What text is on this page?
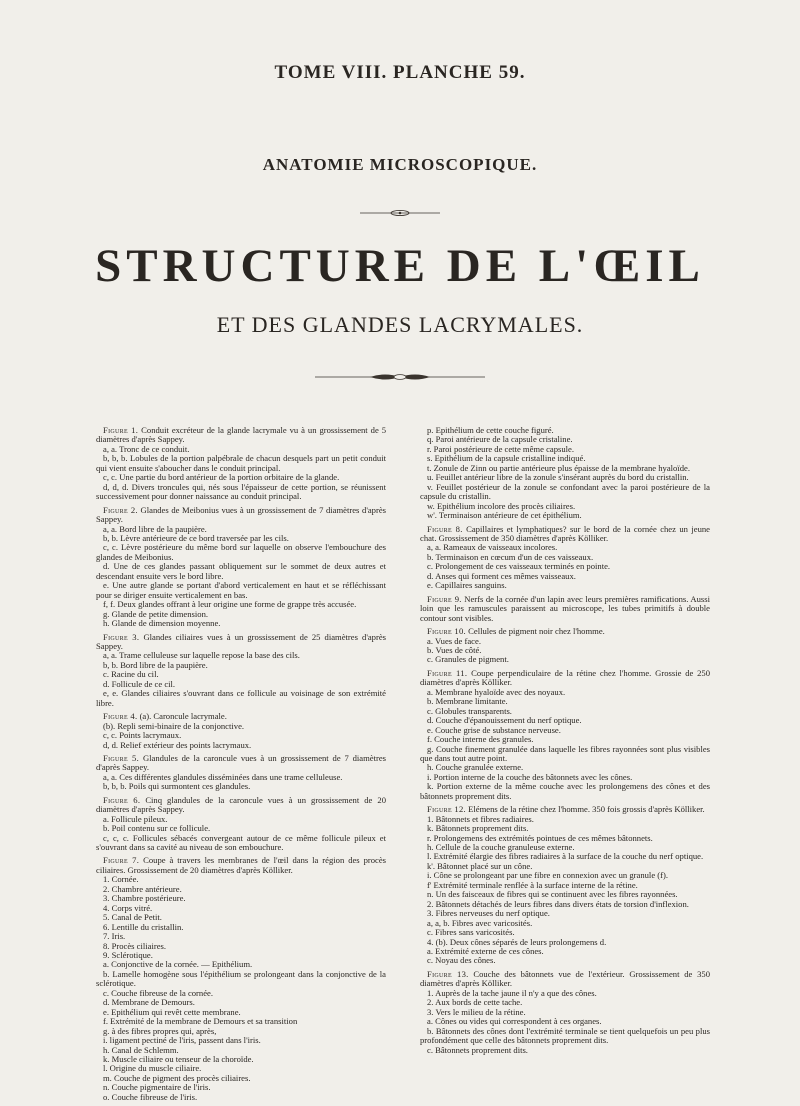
TOME VIII. PLANCHE 59.
ANATOMIE MICROSCOPIQUE.
STRUCTURE DE L'ŒIL
ET DES GLANDES LACRYMALES.
Figure 1. Conduit excréteur de la glande lacrymale vu à un grossissement de 5 diamètres d'après Sappey.
a, a. Tronc de ce conduit.
b, b, b. Lobules de la portion palpébrale de chacun desquels part un petit conduit qui vient ensuite s'aboucher dans le conduit principal.
c, c. Une partie du bord antérieur de la portion orbitaire de la glande.
d, d, d. Divers troncules qui, nés sous l'épaisseur de cette portion, se réunissent successivement pour donner naissance au conduit principal.
Figure 2. Glandes de Meibonius vues à un grossissement de 7 diamètres d'après Sappey.
a, a. Bord libre de la paupière.
b, b. Lèvre antérieure de ce bord traversée par les cils.
c, c. Lèvre postérieure du même bord sur laquelle on observe l'embouchure des glandes de Meibonius.
d. Une de ces glandes passant obliquement sur le sommet de deux autres et descendant ensuite vers le bord libre.
e. Une autre glande se portant d'abord verticalement en haut et se réfléchissant pour se diriger ensuite verticalement en bas.
f, f. Deux glandes offrant à leur origine une forme de grappe très accusée.
g. Glande de petite dimension.
h. Glande de dimension moyenne.
Figure 3. Glandes ciliaires vues à un grossissement de 25 diamètres d'après Sappey.
a, a. Trame celluleuse sur laquelle repose la base des cils.
b, b. Bord libre de la paupière.
c. Racine du cil.
d. Follicule de ce cil.
e, e. Glandes ciliaires s'ouvrant dans ce follicule au voisinage de son extrémité libre.
Figure 4. (a). Caroncule lacrymale.
(b). Repli semi-binaire de la conjonctive.
c, c. Points lacrymaux.
d, d. Relief extérieur des points lacrymaux.
Figure 5. Glandules de la caroncule vues à un grossissement de 7 diamètres d'après Sappey.
a, a. Ces différentes glandules disséminées dans une trame celluleuse.
b, b, b. Poils qui surmontent ces glandules.
Figure 6. Cinq glandules de la caroncule vues à un grossissement de 20 diamètres d'après Sappey.
a. Follicule pileux.
b. Poil contenu sur ce follicule.
c, c, c. Follicules sébacés convergeant autour de ce même follicule pileux et s'ouvrant dans sa cavité au niveau de son embouchure.
Figure 7. Coupe à travers les membranes de l'œil dans la région des procès ciliaires. Grossissement de 20 diamètres d'après Kölliker.
1. Cornée.
2. Chambre antérieure.
3. Chambre postérieure.
4. Corps vitré.
5. Canal de Petit.
6. Lentille du cristallin.
7. Iris.
8. Procès ciliaires.
9. Sclérotique.
a. Conjonctive de la cornée. — Epithélium.
b. Lamelle homogène sous l'épithélium se prolongeant dans la conjonctive de la sclérotique.
c. Couche fibreuse de la cornée.
d. Membrane de Demours.
e. Epithélium qui revêt cette membrane.
f. Extrémité de la membrane de Demours et sa transition
g. à des fibres propres qui, après,
i. ligament pectiné de l'iris, passent dans l'iris.
h. Canal de Schlemm.
k. Muscle ciliaire ou tenseur de la choroïde.
l. Origine du muscle ciliaire.
m. Couche de pigment des procès ciliaires.
n. Couche pigmentaire de l'iris.
o. Couche fibreuse de l'iris.
p. Epithélium de cette couche figuré.
q. Paroi antérieure de la capsule cristaline.
r. Paroi postérieure de cette même capsule.
s. Epithélium de la capsule cristalline indiqué.
t. Zonule de Zinn ou partie antérieure plus épaisse de la membrane hyaloïde.
u. Feuillet antérieur libre de la zonule s'insérant auprès du bord du cristallin.
v. Feuillet postérieur de la zonule se confondant avec la paroi postérieure de la capsule du cristallin.
w. Epithélium incolore des procès ciliaires.
w'. Terminaison antérieure de cet épithélium.
Figure 8. Capillaires et lymphatiques? sur le bord de la cornée chez un jeune chat. Grossissement de 350 diamètres d'après Kölliker.
a, a. Rameaux de vaisseaux incolores.
b. Terminaison en cœcum d'un de ces vaisseaux.
c. Prolongement de ces vaisseaux terminés en pointe.
d. Anses qui forment ces mêmes vaisseaux.
e. Capillaires sanguins.
Figure 9. Nerfs de la cornée d'un lapin avec leurs premières ramifications. Aussi loin que les ramuscules paraissent au microscope, les tubes primitifs à double contour sont visibles.
Figure 10. Cellules de pigment noir chez l'homme.
a. Vues de face.
b. Vues de côté.
c. Granules de pigment.
Figure 11. Coupe perpendiculaire de la rétine chez l'homme. Grossie de 250 diamètres d'après Kölliker.
a. Membrane hyaloïde avec des noyaux.
b. Membrane limitante.
c. Globules transparents.
d. Couche d'épanouissement du nerf optique.
e. Couche grise de substance nerveuse.
f. Couche interne des granules.
g. Couche finement granulée dans laquelle les fibres rayonnées sont plus visibles que dans tout autre point.
h. Couche granulée externe.
i. Portion interne de la couche des bâtonnets avec les cônes.
k. Portion externe de la même couche avec les prolongemens des cônes et des bâtonnets proprement dits.
Figure 12. Elémens de la rétine chez l'homme. 350 fois grossis d'après Kölliker.
1. Bâtonnets et fibres radiaires.
k. Bâtonnets proprement dits.
r. Prolongemens des extrémités pointues de ces mêmes bâtonnets.
h. Cellule de la couche granuleuse externe.
l. Extrémité élargie des fibres radiaires à la surface de la couche du nerf optique.
k'. Bâtonnet placé sur un cône.
i. Cône se prolongeant par une fibre en connexion avec un granule (f).
f' Extrémité terminale renflée à la surface interne de la rétine.
n. Un des faisceaux de fibres qui se continuent avec les fibres rayonnées.
2. Bâtonnets détachés de leurs fibres dans divers états de torsion d'inflexion.
3. Fibres nerveuses du nerf optique.
a, a, b. Fibres avec varicosités.
c. Fibres sans varicosités.
4. (b). Deux cônes séparés de leurs prolongemens d.
a. Extrémité externe de ces cônes.
c. Noyau des cônes.
Figure 13. Couche des bâtonnets vue de l'extérieur. Grossissement de 350 diamètres d'après Kölliker.
1. Auprès de la tache jaune il n'y a que des cônes.
2. Aux bords de cette tache.
3. Vers le milieu de la rétine.
a. Cônes ou vides qui correspondent à ces organes.
b. Bâtonnets des cônes dont l'extrémité terminale se tient quelquefois un peu plus profondément que celle des bâtonnets proprement dits.
c. Bâtonnets proprement dits.
